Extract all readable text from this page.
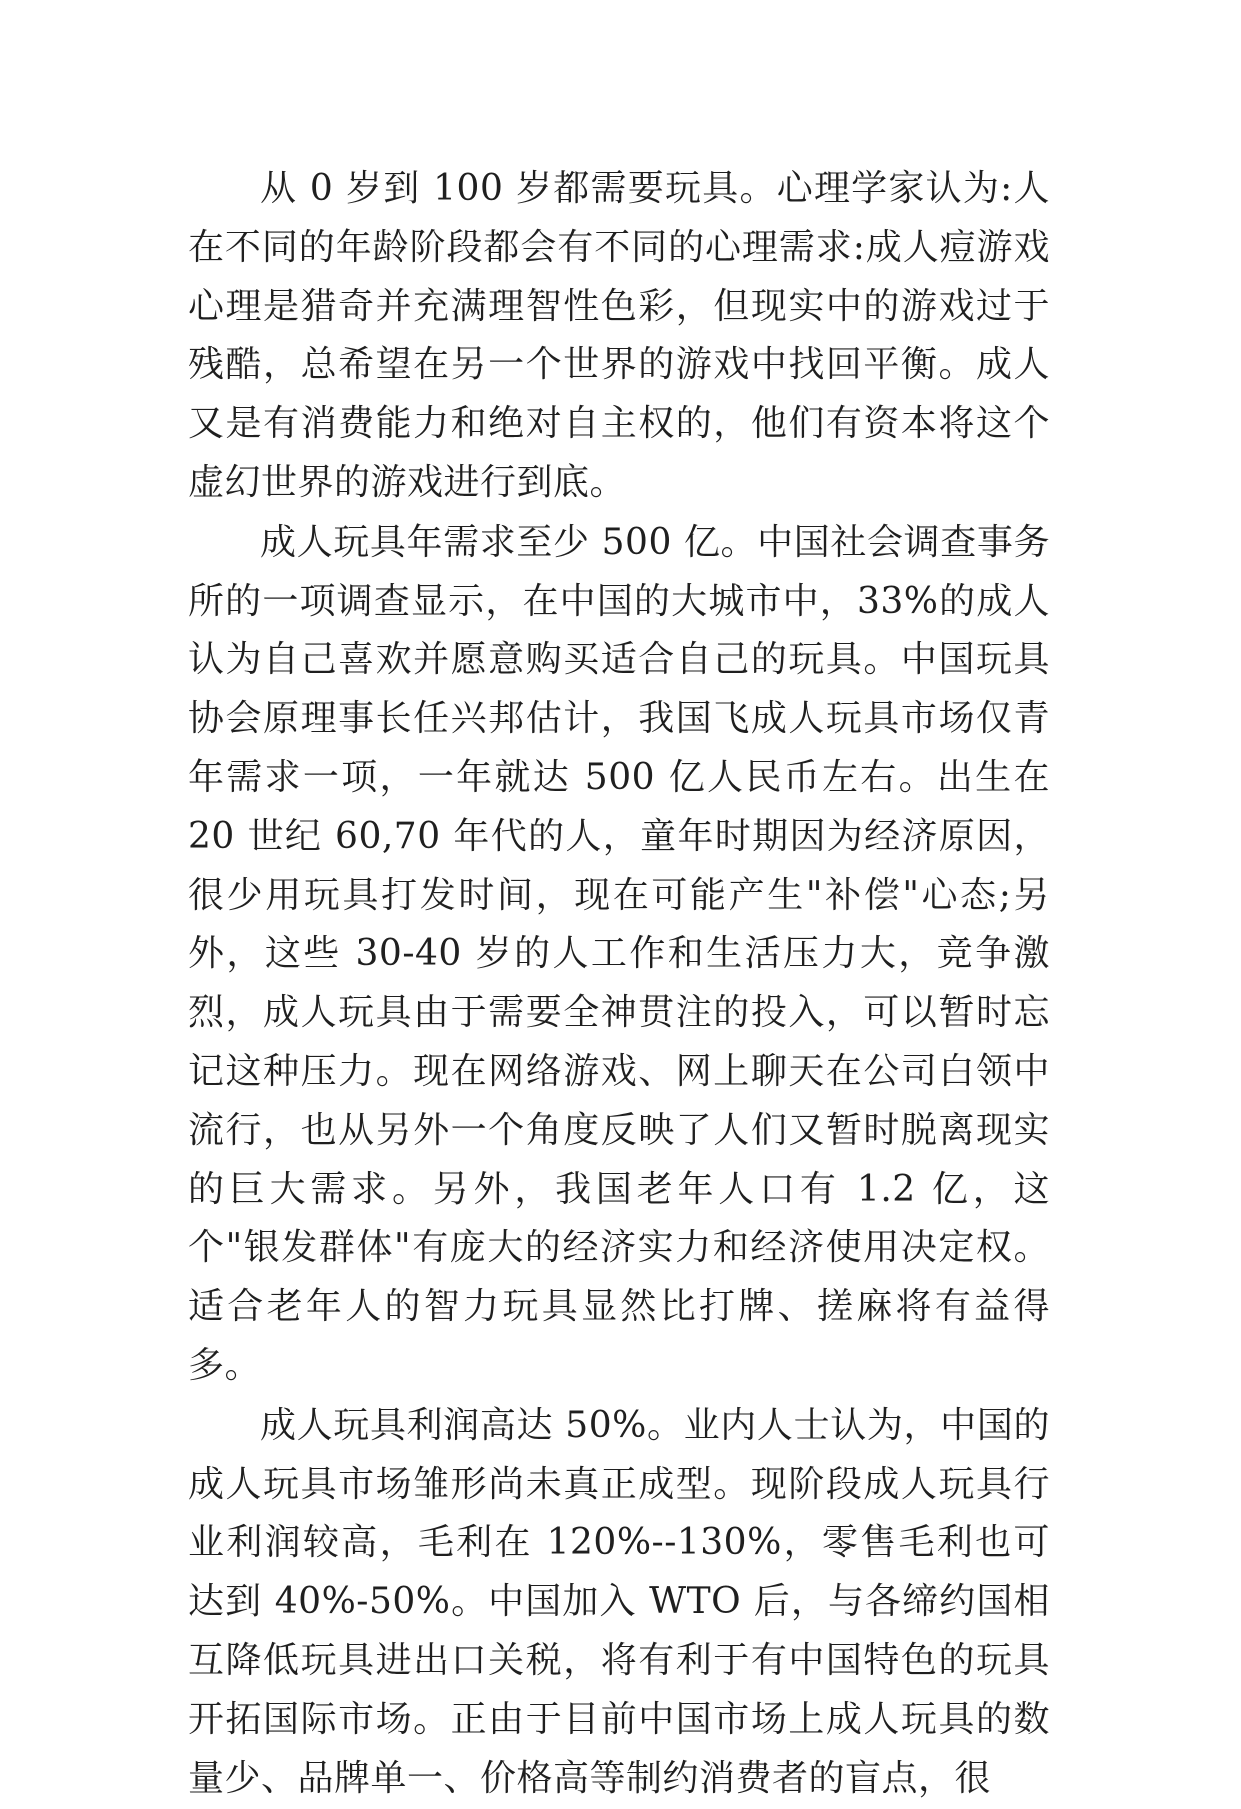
从 0 岁到 100 岁都需要玩具。心理学家认为:人在不同的年龄阶段都会有不同的心理需求:成人痘游戏心理是猎奇并充满理智性色彩，但现实中的游戏过于残酷，总希望在另一个世界的游戏中找回平衡。成人又是有消费能力和绝对自主权的，他们有资本将这个虚幻世界的游戏进行到底。

成人玩具年需求至少 500 亿。中国社会调查事务所的一项调查显示，在中国的大城市中，33%的成人认为自己喜欢并愿意购买适合自己的玩具。中国玩具协会原理事长任兴邦估计，我国飞成人玩具市场仅青年需求一项，一年就达 500 亿人民币左右。出生在 20 世纪 60,70 年代的人，童年时期因为经济原因，很少用玩具打发时间，现在可能产生"补偿"心态;另外，这些 30-40 岁的人工作和生活压力大，竞争激烈，成人玩具由于需要全神贯注的投入，可以暂时忘记这种压力。现在网络游戏、网上聊天在公司白领中流行，也从另外一个角度反映了人们又暂时脱离现实的巨大需求。另外，我国老年人口有 1.2 亿，这个"银发群体"有庞大的经济实力和经济使用决定权。适合老年人的智力玩具显然比打牌、搓麻将有益得多。

成人玩具利润高达 50%。业内人士认为，中国的成人玩具市场雏形尚未真正成型。现阶段成人玩具行业利润较高，毛利在 120%--130%，零售毛利也可达到 40%-50%。中国加入 WTO 后，与各缔约国相互降低玩具进出口关税，将有利于有中国特色的玩具开拓国际市场。正由于目前中国市场上成人玩具的数量少、品牌单一、价格高等制约消费者的盲点，很
